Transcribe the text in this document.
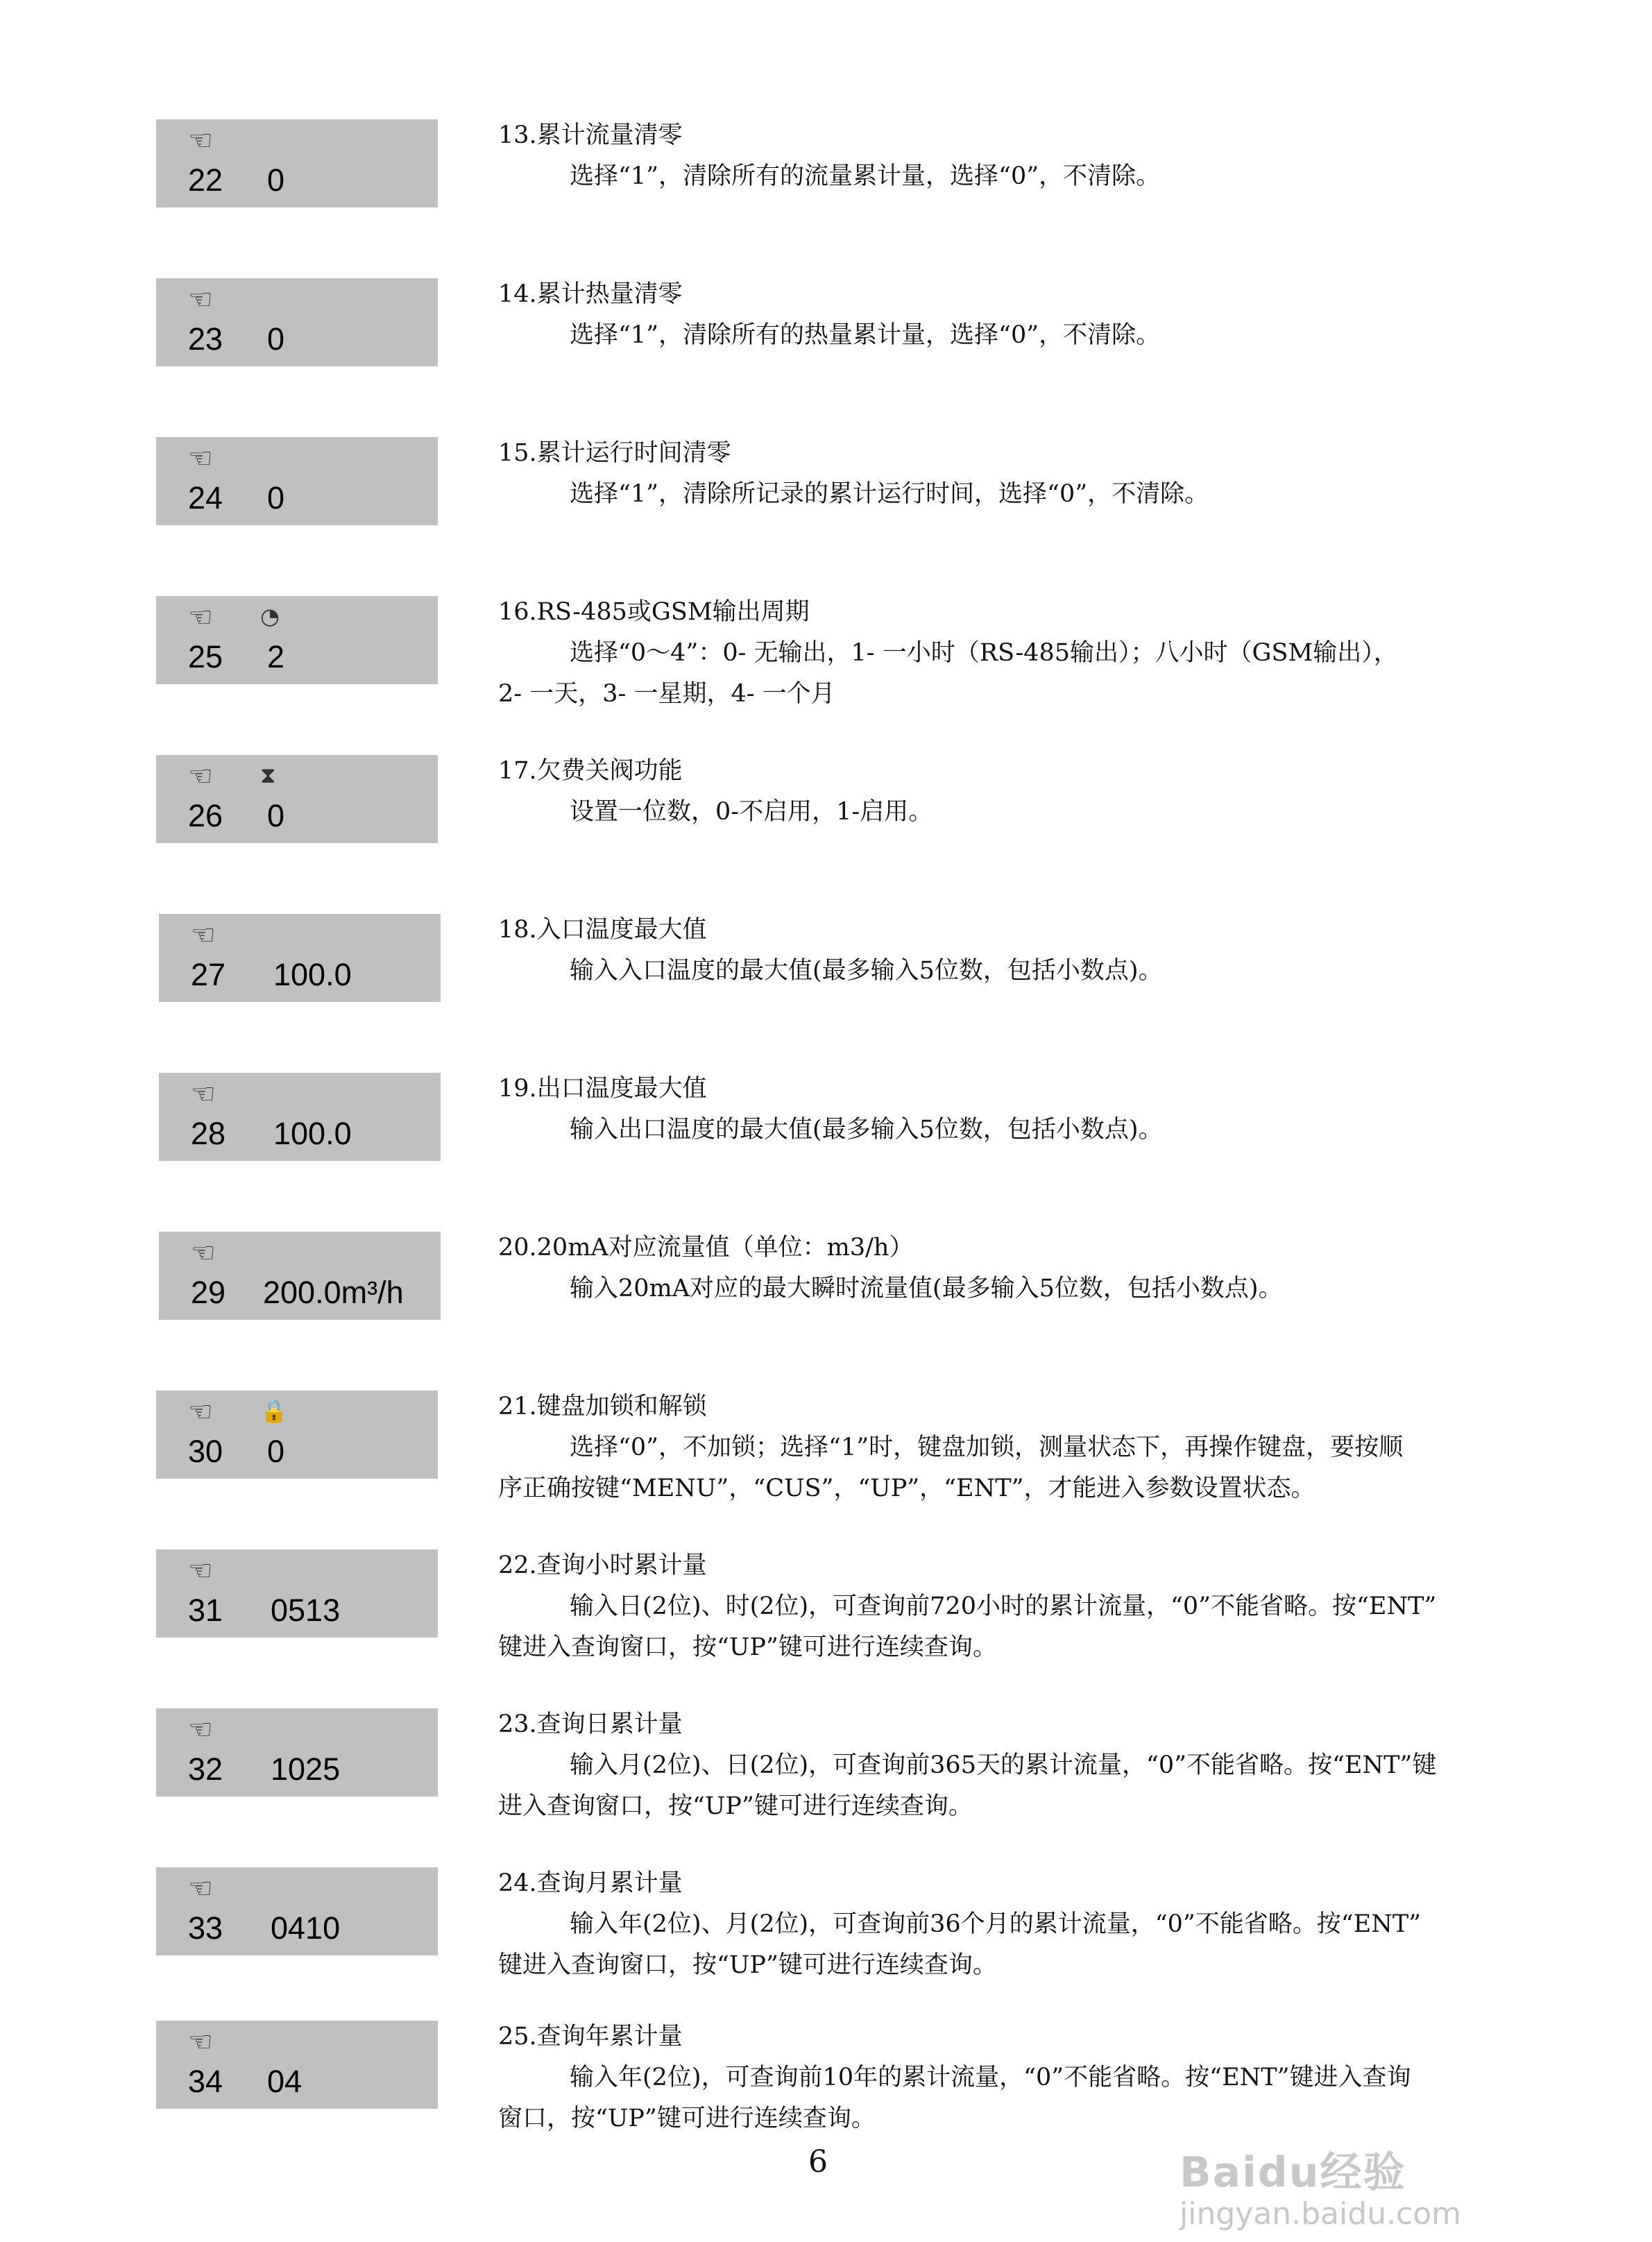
☜
22 0
13.累计流量清零
选择“1”，清除所有的流量累计量，选择“0”，不清除。
☜
23 0
14.累计热量清零
选择“1”，清除所有的热量累计量，选择“0”，不清除。
☜
24 0
15.累计运行时间清零
选择“1”，清除所记录的累计运行时间，选择“0”，不清除。
☜ ◔
25 2
16.RS-485或GSM输出周期
选择“0～4”：0- 无输出，1- 一小时（RS-485输出）；八小时（GSM输出），
2- 一天，3- 一星期，4- 一个月
☜ ⧗
26 0
17.欠费关阀功能
设置一位数，0-不启用，1-启用。
☜
27 100.0
18.入口温度最大值
输入入口温度的最大值(最多输入5位数，包括小数点)。
☜
28 100.0
19.出口温度最大值
输入出口温度的最大值(最多输入5位数，包括小数点)。
☜
29 200.0m³/h
20.20mA对应流量值（单位：m3/h）
输入20mA对应的最大瞬时流量值(最多输入5位数，包括小数点)。
☜ 🔒
30 0
21.键盘加锁和解锁
选择“0”，不加锁；选择“1”时，键盘加锁，测量状态下，再操作键盘，要按顺
序正确按键“MENU”，“CUS”，“UP”，“ENT”，才能进入参数设置状态。
☜
31 0513
22.查询小时累计量
输入日(2位)、时(2位)，可查询前720小时的累计流量，“0”不能省略。按“ENT”
键进入查询窗口，按“UP”键可进行连续查询。
☜
32 1025
23.查询日累计量
输入月(2位)、日(2位)，可查询前365天的累计流量，“0”不能省略。按“ENT”键
进入查询窗口，按“UP”键可进行连续查询。
☜
33 0410
24.查询月累计量
输入年(2位)、月(2位)，可查询前36个月的累计流量，“0”不能省略。按“ENT”
键进入查询窗口，按“UP”键可进行连续查询。
☜
34 04
25.查询年累计量
输入年(2位)，可查询前10年的累计流量，“0”不能省略。按“ENT”键进入查询
窗口，按“UP”键可进行连续查询。
6	Baidu经验
jingyan.baidu.com
